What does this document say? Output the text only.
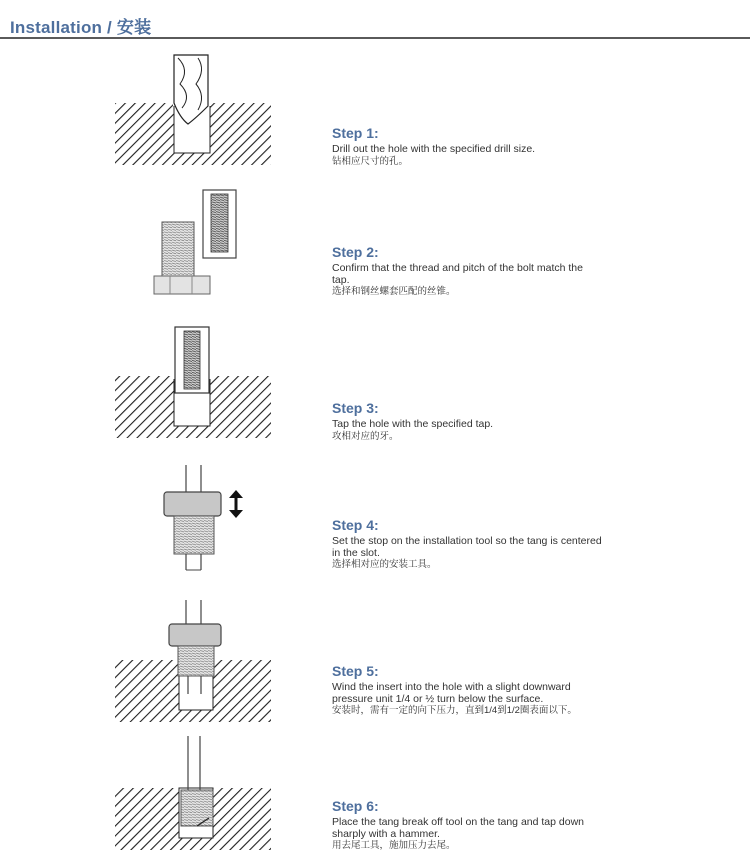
Installation / 安装

Step 1:

Drill out the hole with the specified drill size.

钻相应尺寸的孔。

Step 2:

Confirm that the thread and pitch of the bolt match the tap.

选择和钢丝螺套匹配的丝锥。

Step 3:

Tap the hole with the specified tap.

攻相对应的牙。

Step 4:

Set the stop on the installation tool so the tang is centered in the slot.

选择相对应的安装工具。

Step 5:

Wind the insert into the hole with a slight downward pressure unit 1/4 or ½ turn below the surface.

安装时，需有一定的向下压力，直到1/4到1/2圈表面以下。

Step 6:

Place the tang break off tool on the tang and tap down sharply with a hammer.

用去尾工具，施加压力去尾。
